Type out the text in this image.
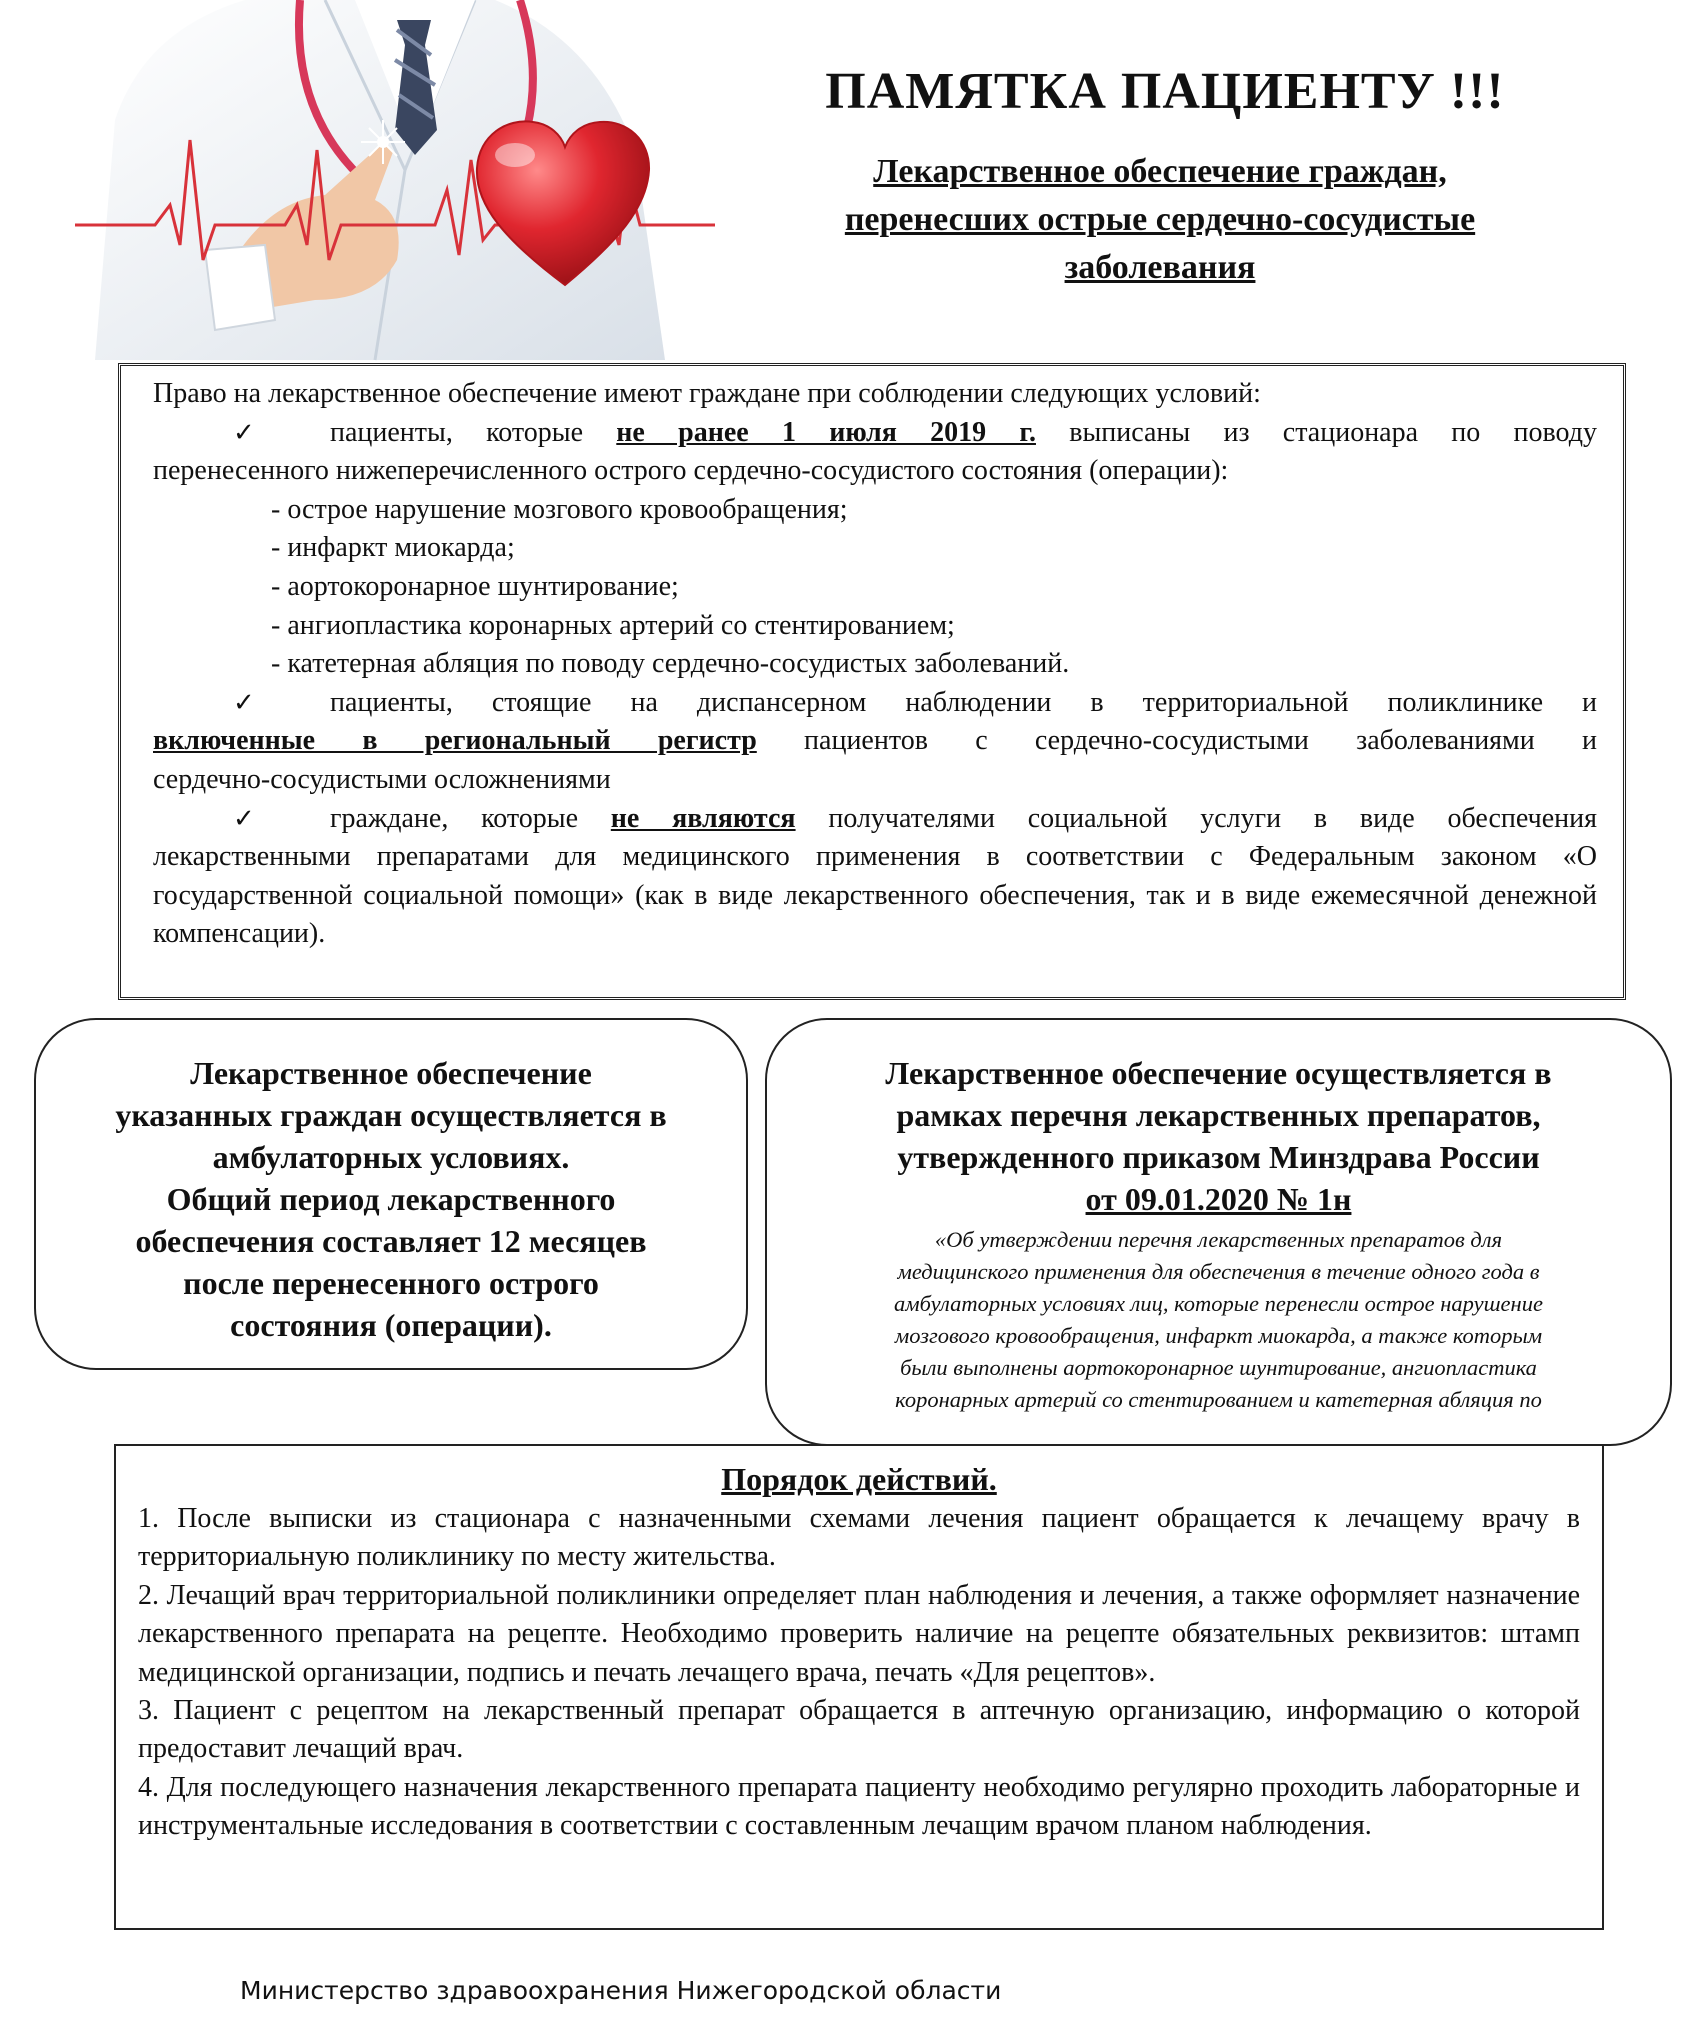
ПАМЯТКА ПАЦИЕНТУ !!!
Лекарственное обеспечение граждан,
перенесших острые сердечно-сосудистые
заболевания
Право на лекарственное обеспечение имеют граждане при соблюдении следующих условий:
✓	пациенты, которые не ранее 1 июля 2019 г. выписаны из стационара по поводу
перенесенного нижеперечисленного острого сердечно-сосудистого состояния (операции):
- острое нарушение мозгового кровообращения;
- инфаркт миокарда;
- аортокоронарное шунтирование;
- ангиопластика коронарных артерий со стентированием;
- катетерная абляция по поводу сердечно-сосудистых заболеваний.
✓	пациенты, стоящие на диспансерном наблюдении в территориальной поликлинике и
включенные в региональный регистр пациентов с сердечно-сосудистыми заболеваниями и
сердечно-сосудистыми осложнениями
✓	граждане, которые не являются получателями социальной услуги в виде обеспечения
лекарственными препаратами для медицинского применения в соответствии с Федеральным законом «О государственной социальной помощи» (как в виде лекарственного обеспечения, так и в виде ежемесячной денежной компенсации).
Лекарственное обеспечение
указанных граждан осуществляется в
амбулаторных условиях.
Общий период лекарственного
обеспечения составляет 12 месяцев
после перенесенного острого
состояния (операции).
Лекарственное обеспечение осуществляется в
рамках перечня лекарственных препаратов,
утвержденного приказом Минздрава России
от 09.01.2020 № 1н
«Об утверждении перечня лекарственных препаратов для
медицинского применения для обеспечения в течение одного года в
амбулаторных условиях лиц, которые перенесли острое нарушение
мозгового кровообращения, инфаркт миокарда, а также которым
были выполнены аортокоронарное шунтирование, ангиопластика
коронарных артерий со стентированием и катетерная абляция по
Порядок действий.
1. После выписки из стационара с назначенными схемами лечения пациент обращается к лечащему врачу в территориальную поликлинику по месту жительства.
2. Лечащий врач территориальной поликлиники определяет план наблюдения и лечения, а также оформляет назначение лекарственного препарата на рецепте. Необходимо проверить наличие на рецепте обязательных реквизитов: штамп медицинской организации, подпись и печать лечащего врача, печать «Для рецептов».
3. Пациент с рецептом на лекарственный препарат обращается в аптечную организацию, информацию о которой предоставит лечащий врач.
4. Для последующего назначения лекарственного препарата пациенту необходимо регулярно проходить лабораторные и инструментальные исследования в соответствии с составленным лечащим врачом планом наблюдения.
Министерство здравоохранения Нижегородской области
